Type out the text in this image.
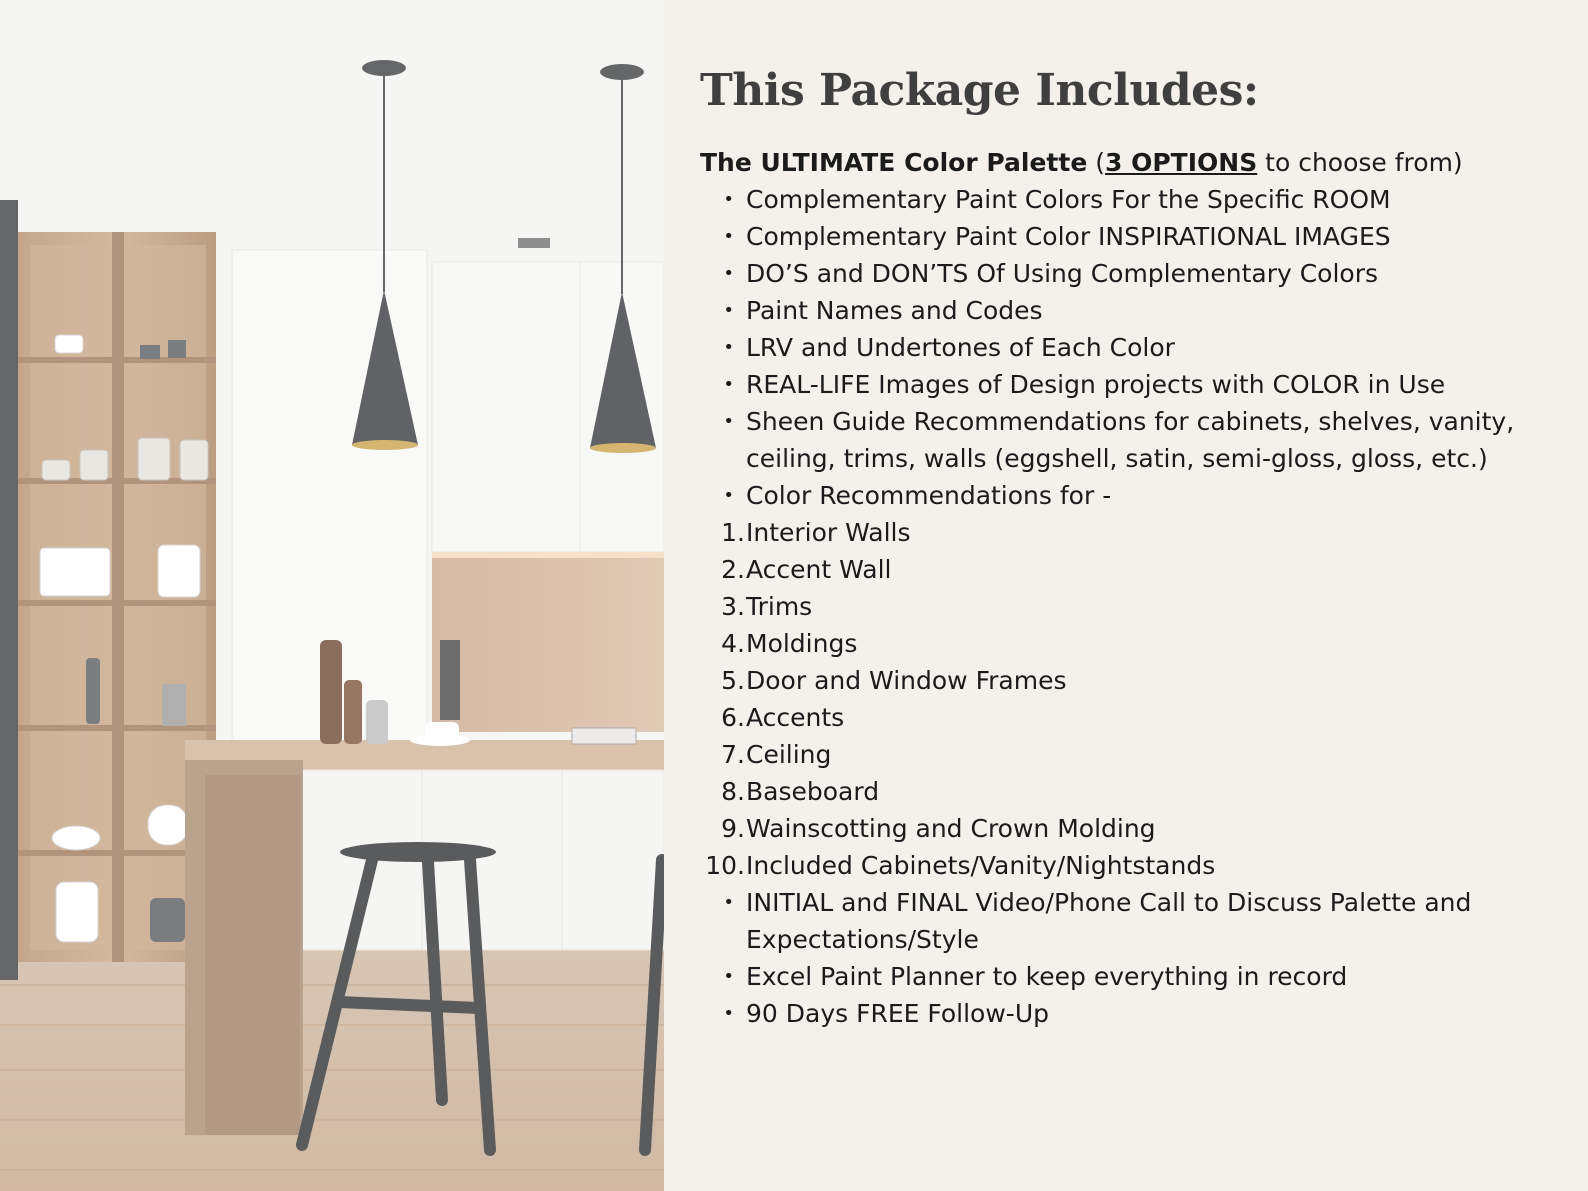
This Package Includes:

The ULTIMATE Color Palette (3 OPTIONS to choose from)

• Complementary Paint Colors For the Specific ROOM
• Complementary Paint Color INSPIRATIONAL IMAGES
• DO’S and DON’TS Of Using Complementary Colors
• Paint Names and Codes
• LRV and Undertones of Each Color
• REAL-LIFE Images of Design projects with COLOR in Use
• Sheen Guide Recommendations for cabinets, shelves, vanity, ceiling, trims, walls (eggshell, satin, semi-gloss, gloss, etc.)
• Color Recommendations for -
1. Interior Walls
2. Accent Wall
3. Trims
4. Moldings
5. Door and Window Frames
6. Accents
7. Ceiling
8. Baseboard
9. Wainscotting and Crown Molding
10. Included Cabinets/Vanity/Nightstands
• INITIAL and FINAL Video/Phone Call to Discuss Palette and Expectations/Style
• Excel Paint Planner to keep everything in record
• 90 Days FREE Follow-Up
